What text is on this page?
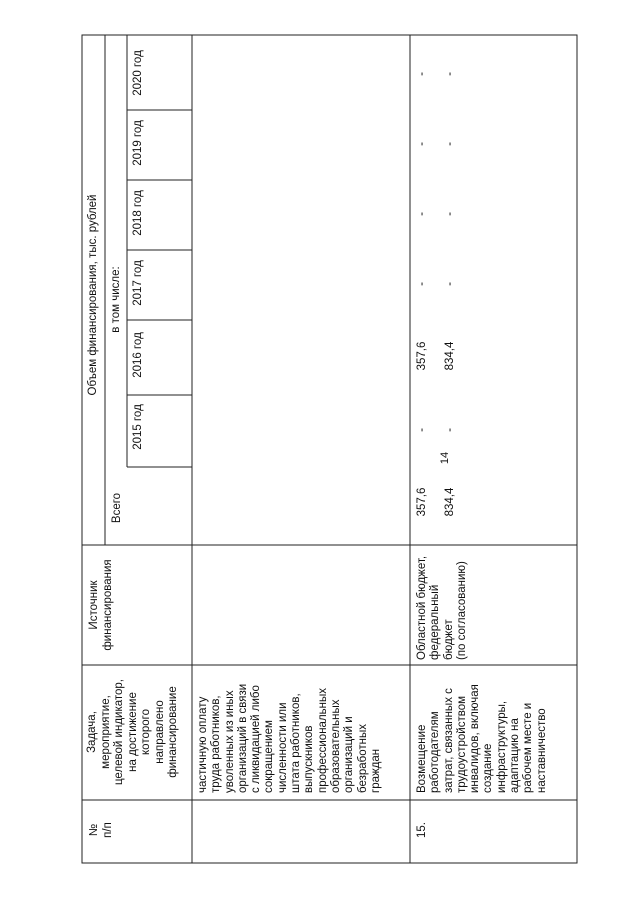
14
№
п/п
Задача,
мероприятие,
целевой индикатор,
на достижение
которого
направлено
финансирование
Источник
финансирования
Объем финансирования, тыс. рублей в том числе:
Всего
2015 год
2016 год
2017 год
2018 год
2019 год
2020 год
частичную оплату
труда работников,
уволенных из иных
организаций в связи
с ликвидацией либо
сокращением
численности или
штата работников,
выпускников
профессиональных
образовательных
организаций и
безработных
граждан
15.
Возмещение
работодателям
затрат, связанных с
трудоустройством
инвалидов, включая
создание
инфраструктуры,
адаптацию на
рабочем месте и
наставничество
Областной бюджет,
федеральный
бюджет
(по согласованию)
357,6 834,4
- -
357,6 834,4
- -
- -
- -
- -
